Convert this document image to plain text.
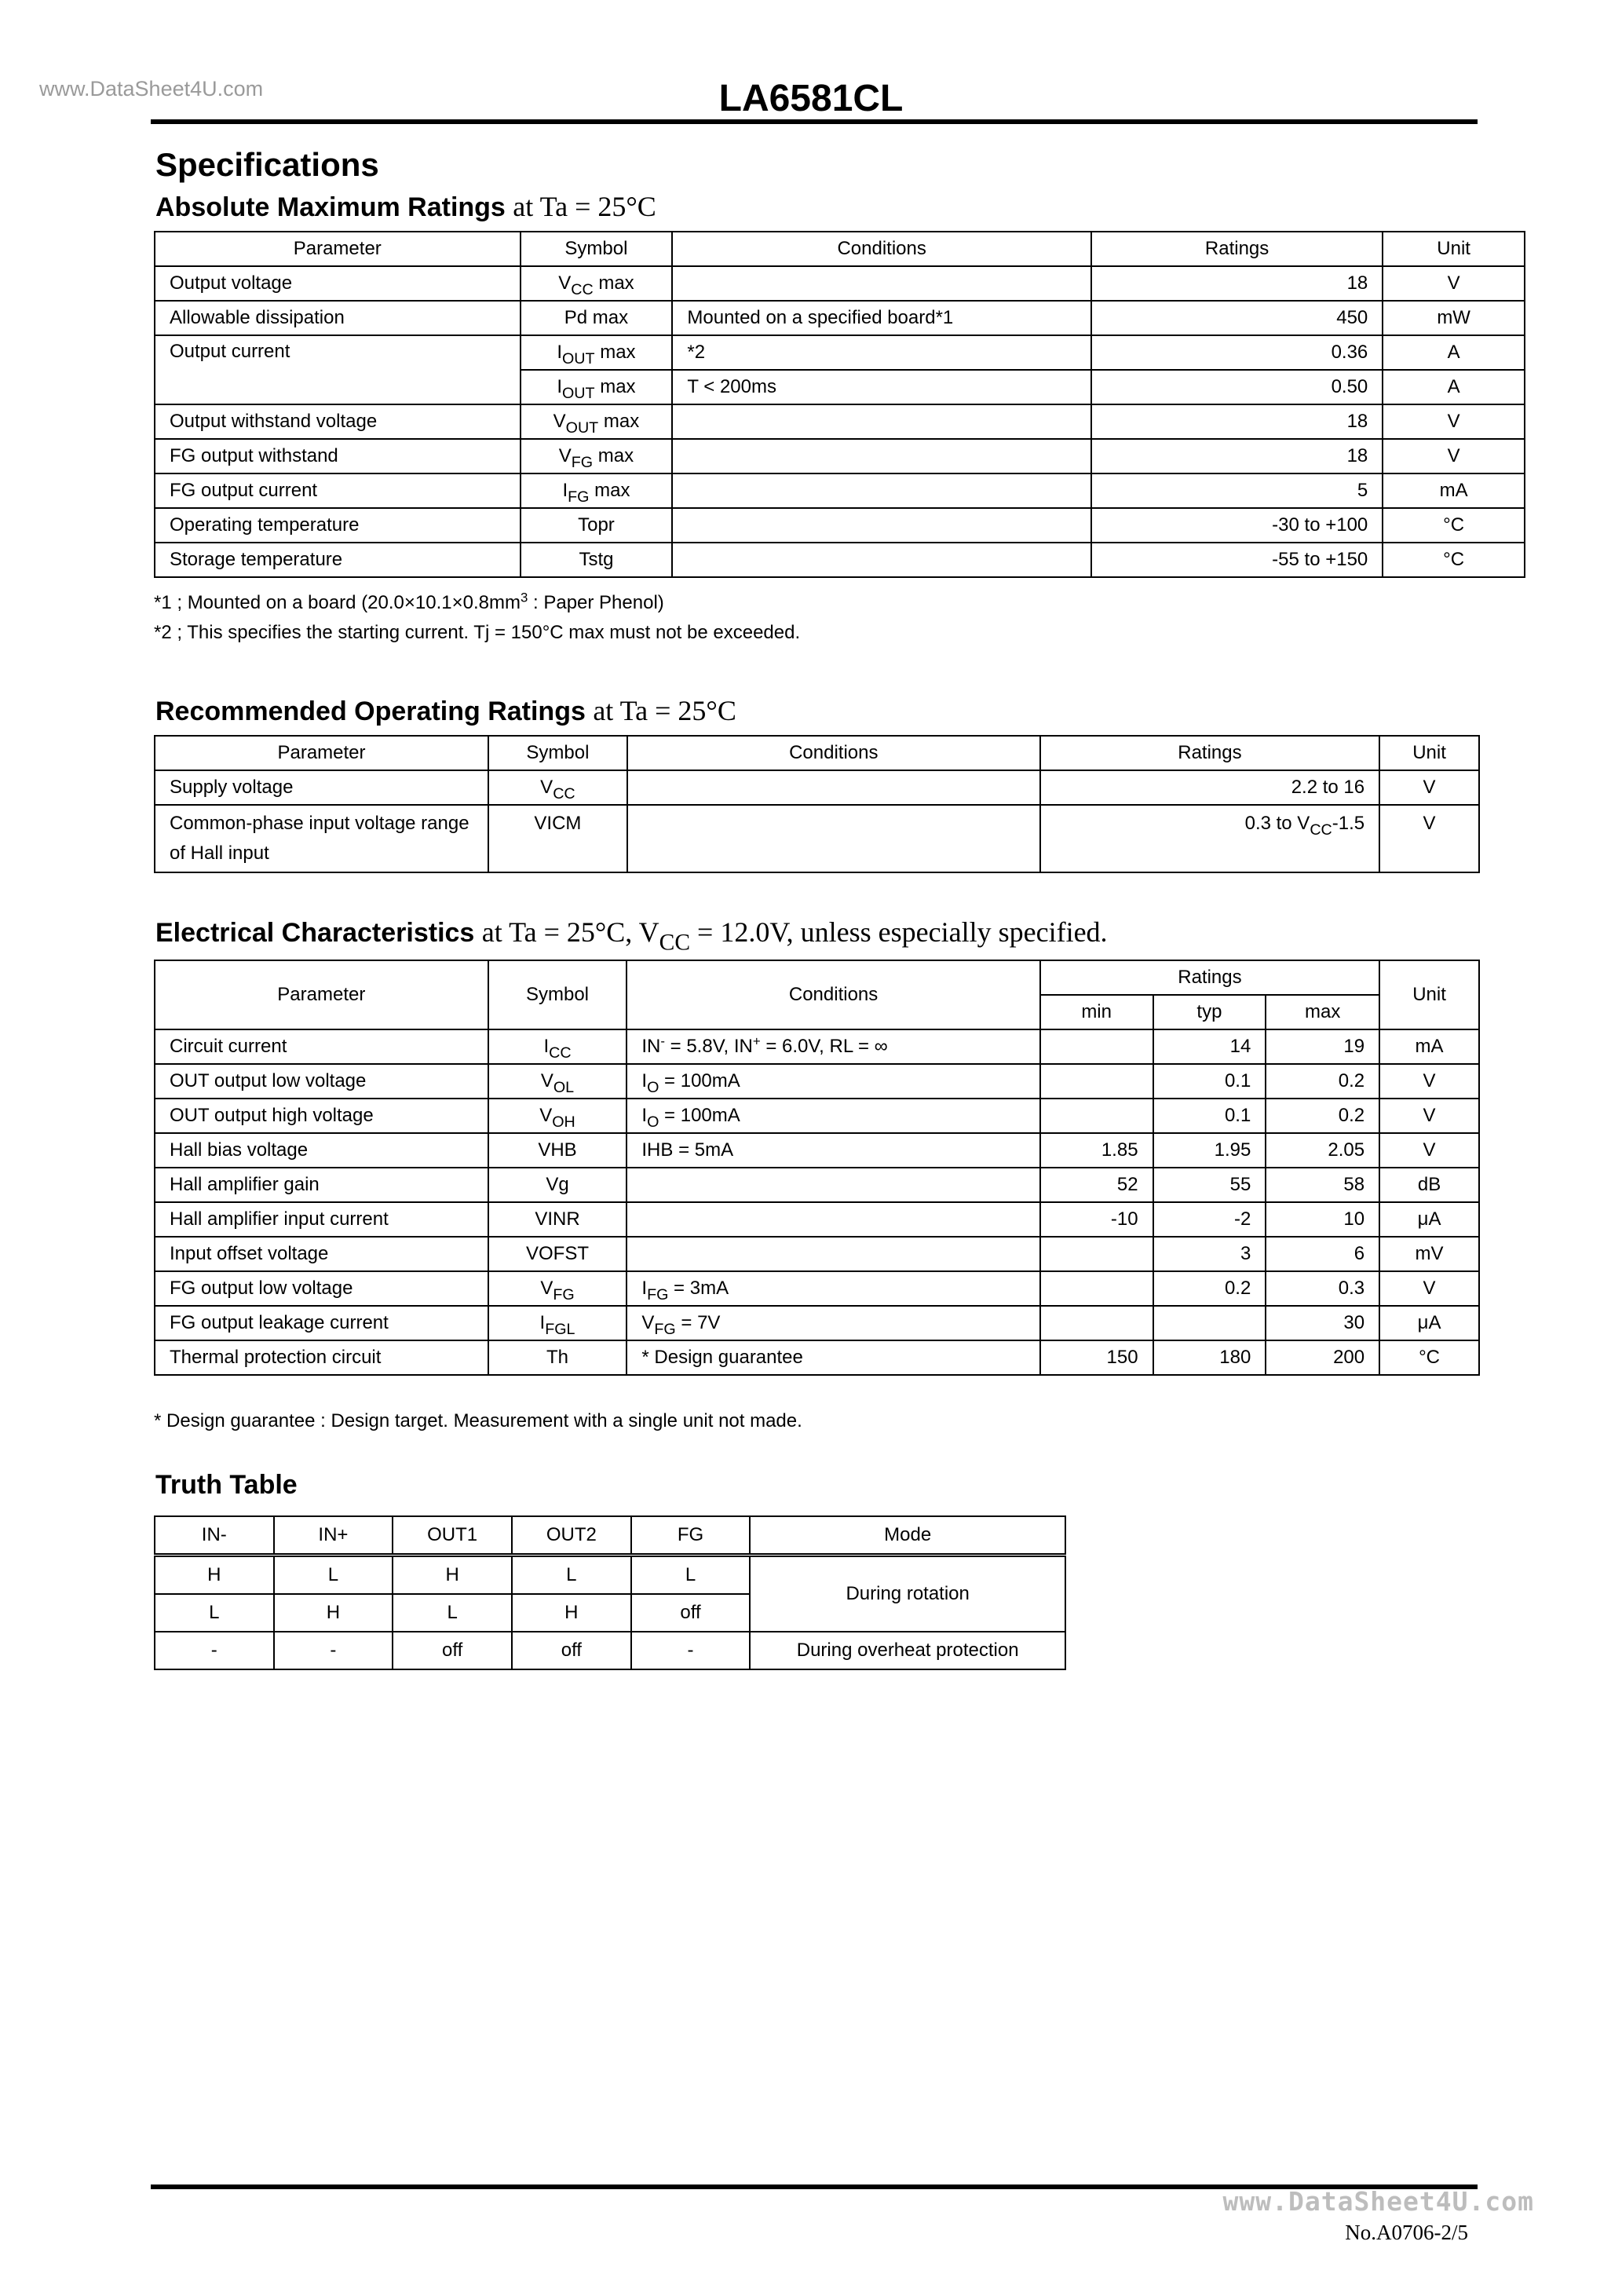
www.DataSheet4U.com	LA6581CL
Specifications
Absolute Maximum Ratings at Ta = 25°C
Parameter	Symbol	Conditions	Ratings	Unit
Output voltage	$V_{CC}$ max		18	V
Allowable dissipation	Pd max	Mounted on a specified board*1	450	mW
Output current	$I_{OUT}$ max	*2	0.36	A
	$I_{OUT}$ max	T < 200ms	0.50	A
Output withstand voltage	$V_{OUT}$ max		18	V
FG output withstand	$V_{FG}$ max		18	V
FG output current	$I_{FG}$ max		5	mA
Operating temperature	Topr		-30 to +100	°C
Storage temperature	Tstg		-55 to +150	°C
*1 ; Mounted on a board ($20.0\times 10.1\times 0.8mm^3$ : Paper Phenol)
*2 ; This specifies the starting current. Tj = 150°C max must not be exceeded.
Recommended Operating Ratings at Ta = 25°C
Parameter	Symbol	Conditions	Ratings	Unit
Supply voltage	$V_{CC}$		2.2 to 16	V
Common-phase input voltage range
of Hall input	VICM		0.3 to $V_{CC}-1.5$	V
Electrical Characteristics at Ta = 25°C, $V_{CC} = 12.0V$, unless especially specified.
Parameter	Symbol	Conditions	Ratings			Unit
			min	typ	max	
Circuit current	$I_{CC}$	IN- = 5.8V, IN+ = 6.0V, RL = ∞		14	19	mA
OUT output low voltage	$V_{OL}$	$I_O = 100mA$		0.1	0.2	V
OUT output high voltage	$V_{OH}$	$I_O = 100mA$		0.1	0.2	V
Hall bias voltage	VHB	IHB = 5mA	1.85	1.95	2.05	V
Hall amplifier gain	Vg		52	55	58	dB
Hall amplifier input current	VINR		-10	-2	10	μA
Input offset voltage	VOFST			3	6	mV
FG output low voltage	$V_{FG}$	$I_{FG} = 3mA$		0.2	0.3	V
FG output leakage current	$I_{FGL}$	$V_{FG} = 7V$			30	μA
Thermal protection circuit	Th	* Design guarantee	150	180	200	°C
* Design guarantee : Design target. Measurement with a single unit not made.
Truth Table
IN-	IN+	OUT1	OUT2	FG	Mode
H	L	H	L	L	During rotation
L	H	L	H	off	
-	-	off	off	-	During overheat protection
www.DataSheet4U.com
No.A0706-2/5
